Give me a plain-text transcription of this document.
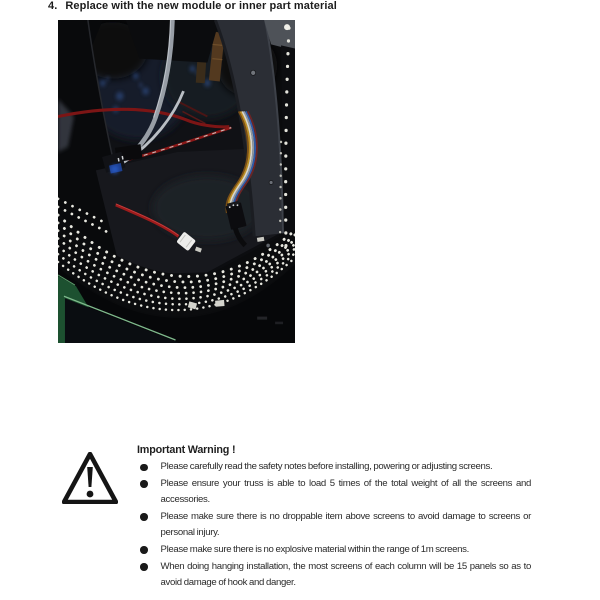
4. Replace with the new module or inner part material
Important Warning !
Please carefully read the safety notes before installing, powering or adjusting screens.
Please ensure your truss is able to load 5 times of the total weight of all the screens and accessories.
Please make sure there is no droppable item above screens to avoid damage to screens or personal injury.
Please make sure there is no explosive material within the range of 1m screens.
When doing hanging installation, the most screens of each column will be 15 panels so as to avoid damage of hook and danger.
